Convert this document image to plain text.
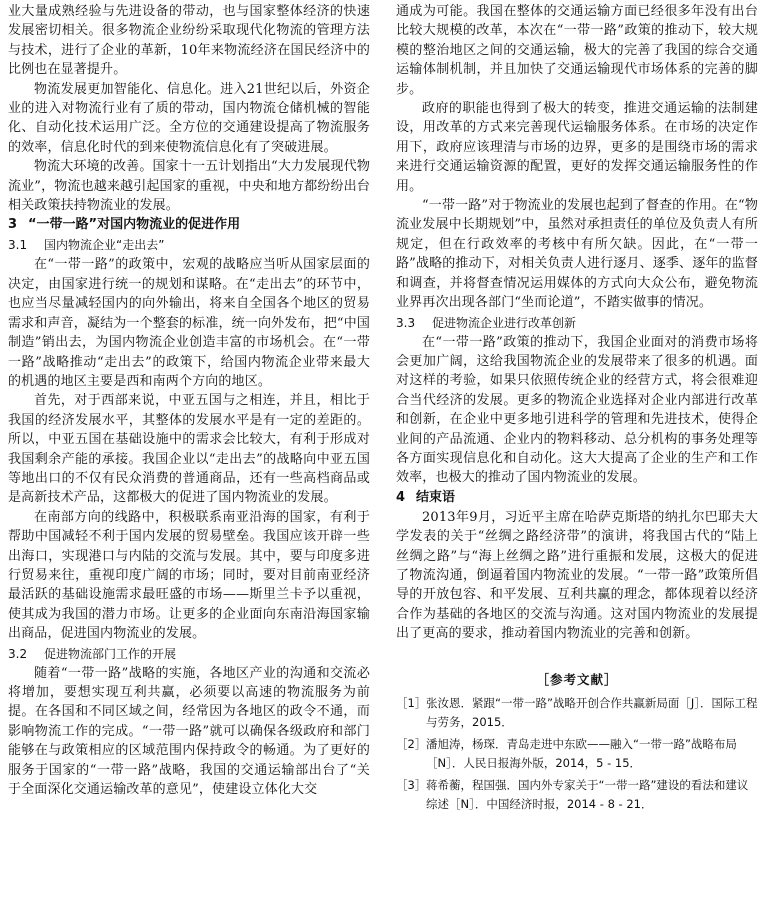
业大量成熟经验与先进设备的带动，也与国家整体经济的快速发展密切相关。很多物流企业纷纷采取现代化物流的管理方法与技术，进行了企业的革新，10年来物流经济在国民经济中的比例也在显著提升。

物流发展更加智能化、信息化。进入21世纪以后，外资企业的进入对物流行业有了质的带动，国内物流仓储机械的智能化、自动化技术运用广泛。全方位的交通建设提高了物流服务的效率，信息化时代的到来使物流信息化有了突破进展。

物流大环境的改善。国家十一五计划指出“大力发展现代物流业”，物流也越来越引起国家的重视，中央和地方都纷纷出台相关政策扶持物流业的发展。

3 “一带一路”对国内物流业的促进作用
3.1 国内物流企业“走出去”

在“一带一路”的政策中，宏观的战略应当听从国家层面的决定，由国家进行统一的规划和谋略。在“走出去”的环节中，也应当尽量减轻国内的向外输出，将来自全国各个地区的贸易需求和声音，凝结为一个整套的标准，统一向外发布，把“中国制造”销出去，为国内物流企业创造丰富的市场机会。在“一带一路”战略推动“走出去”的政策下，给国内物流企业带来最大的机遇的地区主要是西和南两个方向的地区。

首先，对于西部来说，中亚五国与之相连，并且，相比于我国的经济发展水平，其整体的发展水平是有一定的差距的。所以，中亚五国在基础设施中的需求会比较大，有利于形成对我国剩余产能的承接。我国企业以“走出去”的战略向中亚五国等地出口的不仅有民众消费的普通商品，还有一些高档商品或是高新技术产品，这都极大的促进了国内物流业的发展。

在南部方向的线路中，积极联系南亚沿海的国家，有利于帮助中国减轻不利于国内发展的贸易壁垒。我国应该开辟一些出海口，实现港口与内陆的交流与发展。其中，要与印度多进行贸易来往，重视印度广阔的市场；同时，要对目前南亚经济最活跃的基础设施需求最旺盛的市场——斯里兰卡予以重视，使其成为我国的潜力市场。让更多的企业面向东南沿海国家输出商品，促进国内物流业的发展。

3.2 促进物流部门工作的开展

随着“一带一路”战略的实施，各地区产业的沟通和交流必将增加，要想实现互利共赢，必须要以高速的物流服务为前提。在各国和不同区域之间，经常因为各地区的政令不通，而影响物流工作的完成。“一带一路”就可以确保各级政府和部门能够在与政策相应的区域范围内保持政令的畅通。为了更好的服务于国家的“一带一路”战略，我国的交通运输部出台了“关于全面深化交通运输改革的意见”，使建设立体化大交

通成为可能。我国在整体的交通运输方面已经很多年没有出台比较大规模的改革，本次在“一带一路”政策的推动下，较大规模的整治地区之间的交通运输，极大的完善了我国的综合交通运输体制机制，并且加快了交通运输现代市场体系的完善的脚步。

政府的职能也得到了极大的转变，推进交通运输的法制建设，用改革的方式来完善现代运输服务体系。在市场的决定作用下，政府应该理清与市场的边界，更多的是围绕市场的需求来进行交通运输资源的配置，更好的发挥交通运输服务性的作用。

“一带一路”对于物流业的发展也起到了督查的作用。在“物流业发展中长期规划”中，虽然对承担责任的单位及负责人有所规定，但在行政效率的考核中有所欠缺。因此，在“一带一路”战略的推动下，对相关负责人进行逐月、逐季、逐年的监督和调查，并将督查情况运用媒体的方式向大众公布，避免物流业界再次出现各部门“坐而论道”，不踏实做事的情况。

3.3 促进物流企业进行改革创新

在“一带一路”政策的推动下，我国企业面对的消费市场将会更加广阔，这给我国物流企业的发展带来了很多的机遇。面对这样的考验，如果只依照传统企业的经营方式，将会很难迎合当代经济的发展。更多的物流企业选择对企业内部进行改革和创新，在企业中更多地引进科学的管理和先进技术，使得企业间的产品流通、企业内的物料移动、总分机构的事务处理等各方面实现信息化和自动化。这大大提高了企业的生产和工作效率，也极大的推动了国内物流业的发展。

4 结束语

2013年9月，习近平主席在哈萨克斯塔的纳扎尔巴耶夫大学发表的关于“丝绸之路经济带”的演讲，将我国古代的“陆上丝绸之路”与“海上丝绸之路”进行重振和发展，这极大的促进了物流沟通，倒逼着国内物流业的发展。“一带一路”政策所倡导的开放包容、和平发展、互利共赢的理念，都体现着以经济合作为基础的各地区的交流与沟通。这对国内物流业的发展提出了更高的要求，推动着国内物流业的完善和创新。

［参考文献］
［1］ 张汝恩．紧跟“一带一路”战略开创合作共赢新局面［J］．国际工程与劳务，2015．
［2］ 潘旭涛，杨琛．青岛走进中东欧——融入“一带一路”战略布局［N］．人民日报海外版，2014，5 - 15．
［3］ 蒋希蘅，程国强．国内外专家关于“一带一路”建设的看法和建议综述［N］．中国经济时报，2014 - 8 - 21．
